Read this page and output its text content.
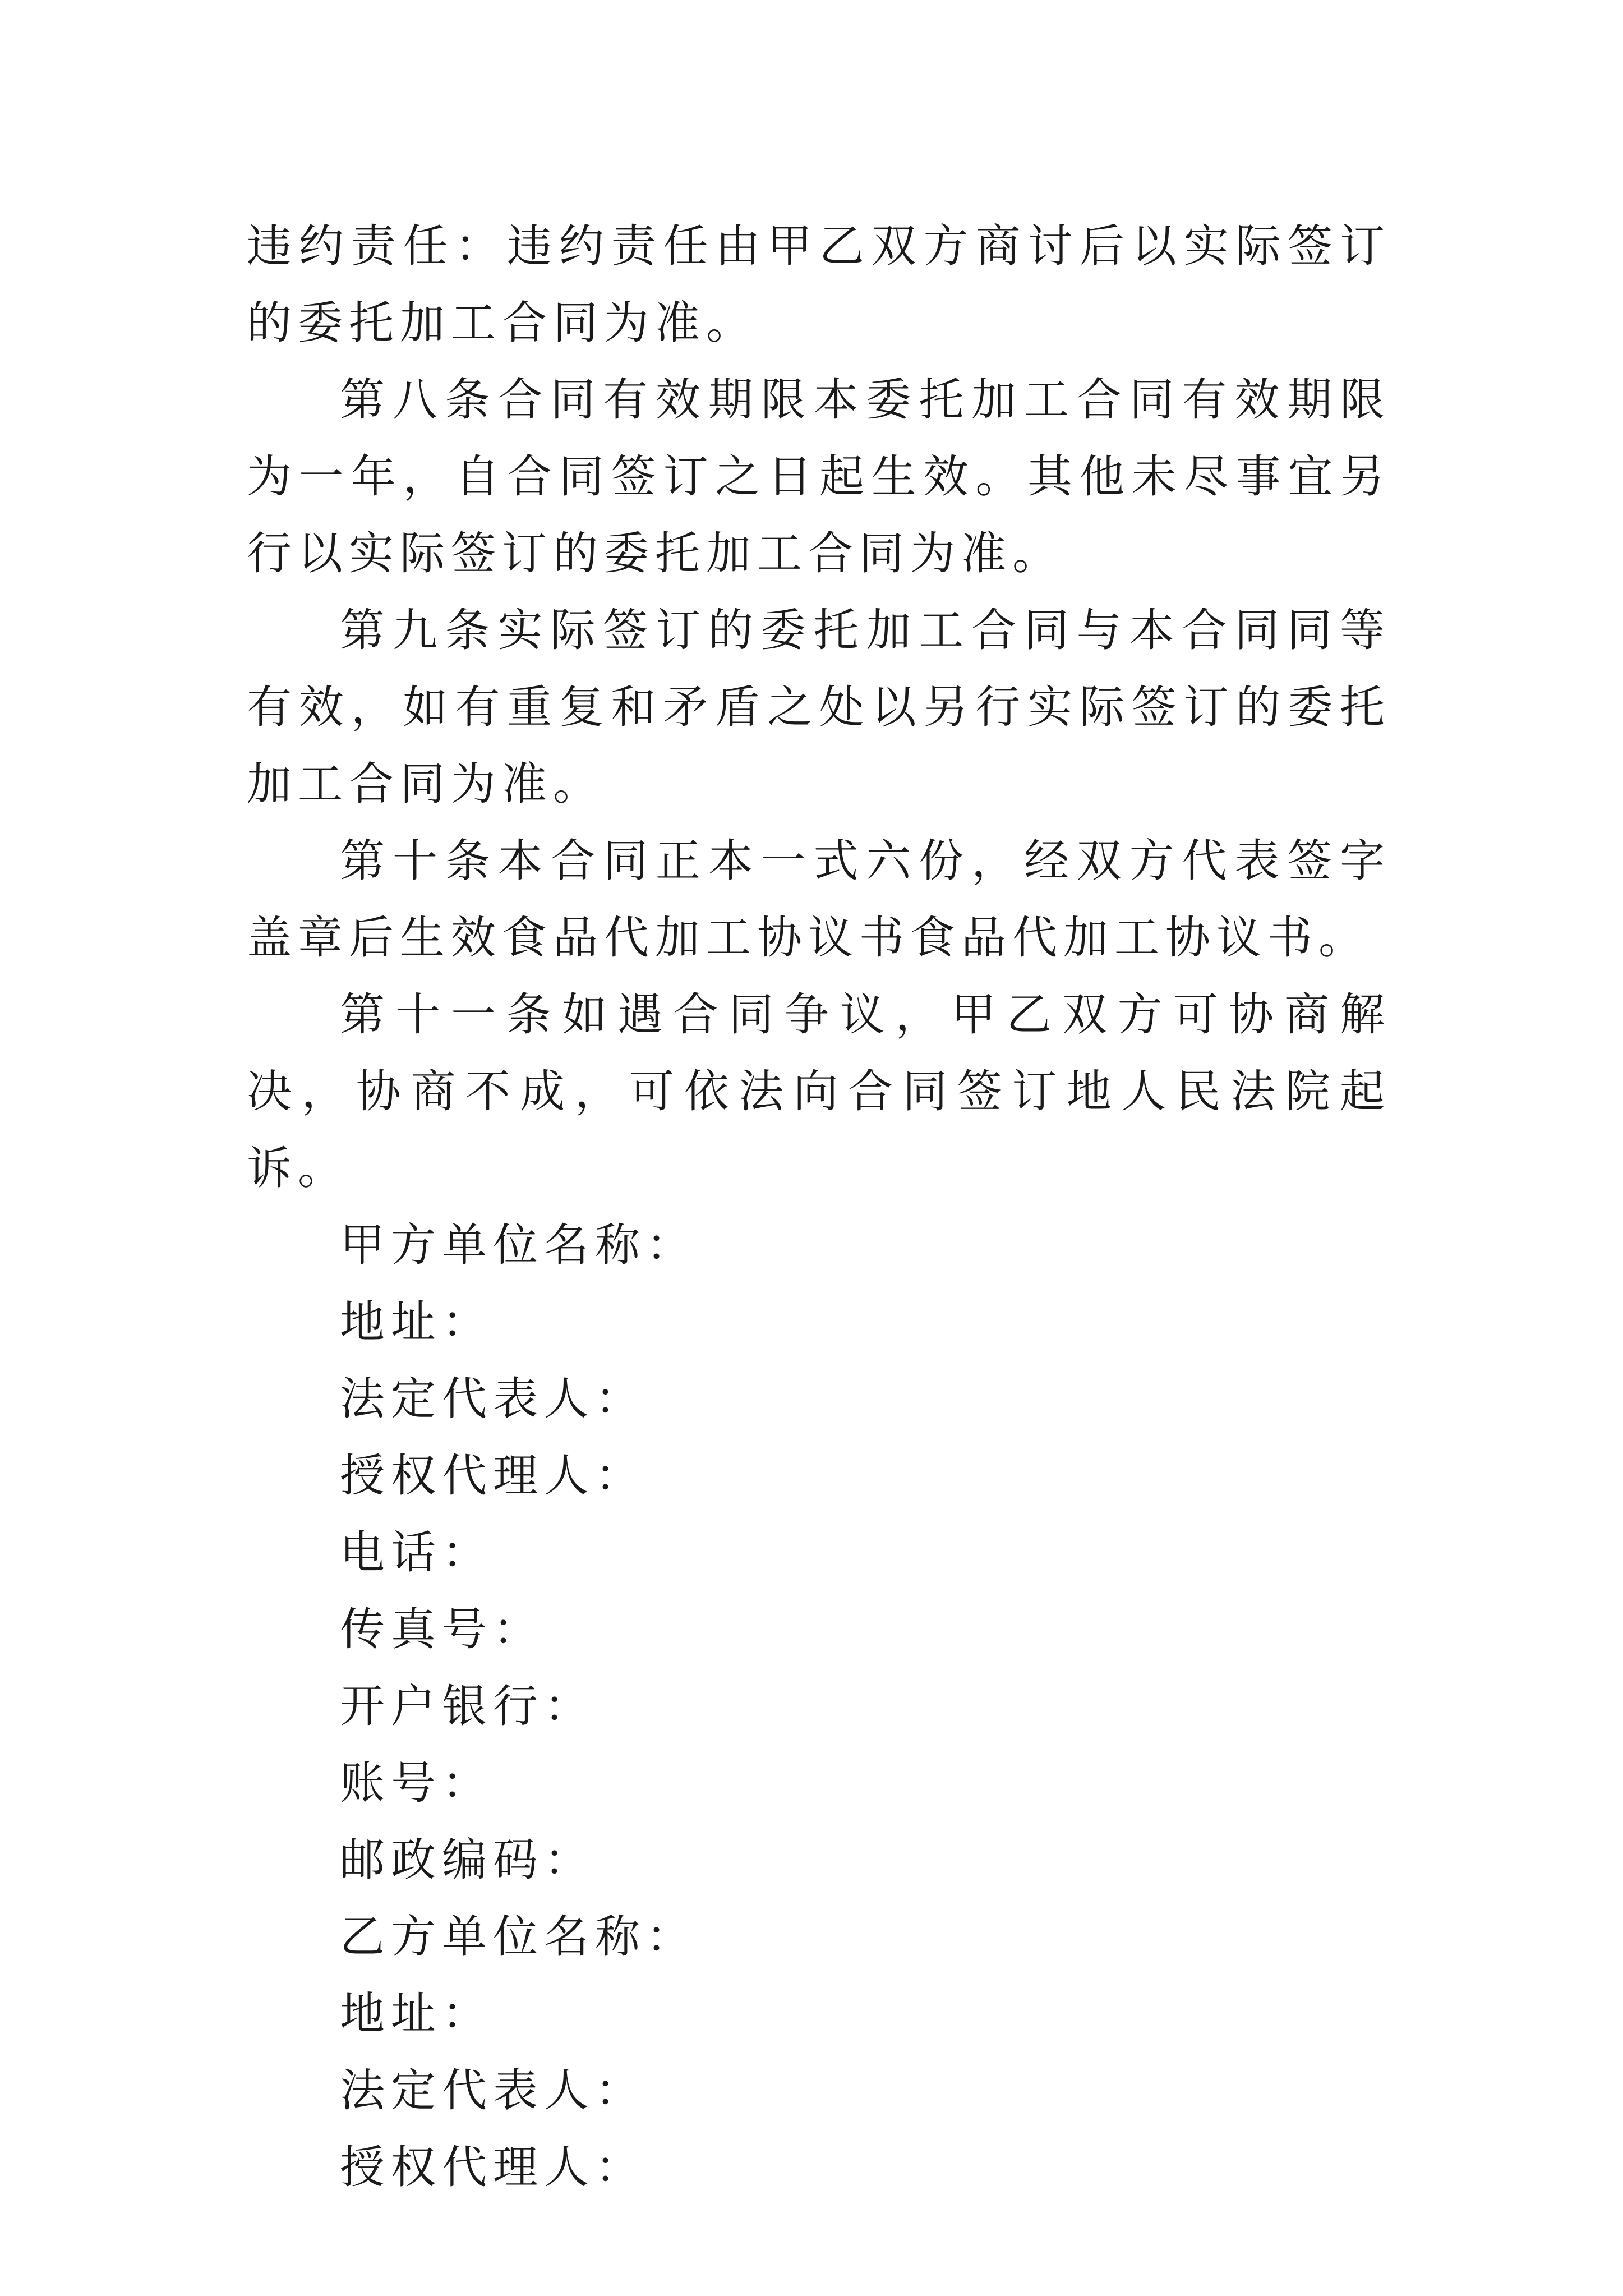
违约责任：违约责任由甲乙双方商讨后以实际签订的委托加工合同为准。

第八条合同有效期限本委托加工合同有效期限为一年，自合同签订之日起生效。其他未尽事宜另行以实际签订的委托加工合同为准。

第九条实际签订的委托加工合同与本合同同等有效，如有重复和矛盾之处以另行实际签订的委托加工合同为准。

第十条本合同正本一式六份，经双方代表签字盖章后生效食品代加工协议书食品代加工协议书。

第十一条如遇合同争议，甲乙双方可协商解决，协商不成，可依法向合同签订地人民法院起诉。

甲方单位名称：

地址：

法定代表人：

授权代理人：

电话：

传真号：

开户银行：

账号：

邮政编码：

乙方单位名称：

地址：

法定代表人：

授权代理人：
